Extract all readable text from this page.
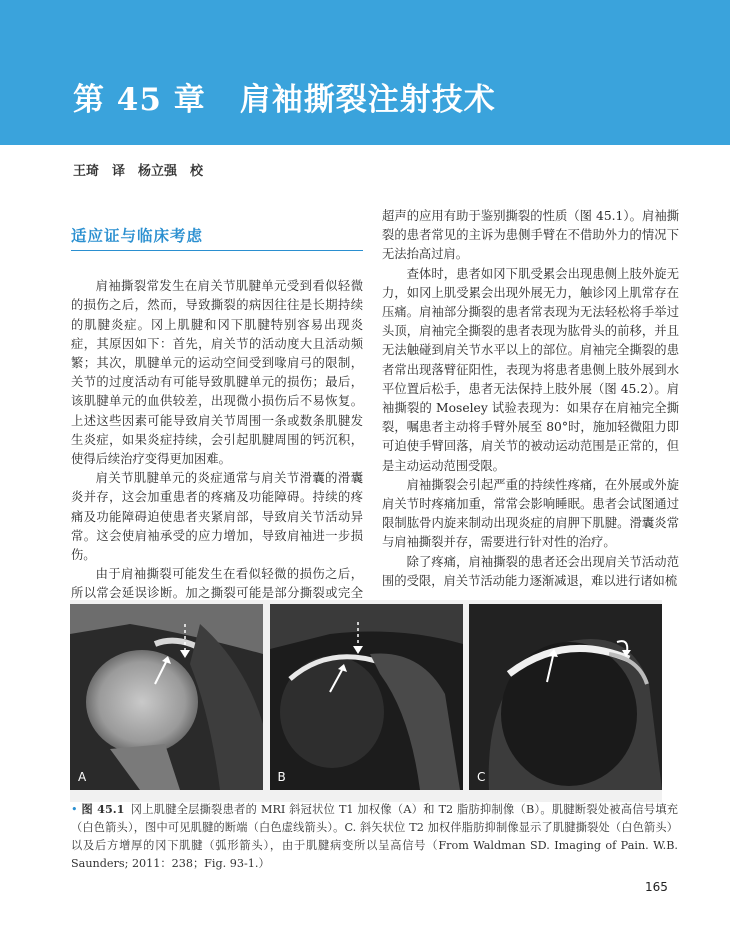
第 45 章 肩袖撕裂注射技术
王琦　译　杨立强　校
适应证与临床考虑

肩袖撕裂常发生在肩关节肌腱单元受到看似轻微的损伤之后，然而，导致撕裂的病因往往是长期持续的肌腱炎症。冈上肌腱和冈下肌腱特别容易出现炎症，其原因如下：首先，肩关节的活动度大且活动频繁；其次，肌腱单元的运动空间受到喙肩弓的限制，关节的过度活动有可能导致肌腱单元的损伤；最后，该肌腱单元的血供较差，出现微小损伤后不易恢复。上述这些因素可能导致肩关节周围一条或数条肌腱发生炎症，如果炎症持续，会引起肌腱周围的钙沉积，使得后续治疗变得更加困难。

肩关节肌腱单元的炎症通常与肩关节滑囊的滑囊炎并存，这会加重患者的疼痛及功能障碍。持续的疼痛及功能障碍迫使患者夹紧肩部，导致肩关节活动异常。这会使肩袖承受的应力增加，导致肩袖进一步损伤。

由于肩袖撕裂可能发生在看似轻微的损伤之后，所以常会延误诊断。加之撕裂可能是部分撕裂或完全

超声的应用有助于鉴别撕裂的性质（图 45.1）。肩袖撕裂的患者常见的主诉为患侧手臂在不借助外力的情况下无法抬高过肩。

查体时，患者如冈下肌受累会出现患侧上肢外旋无力，如冈上肌受累会出现外展无力，触诊冈上肌常存在压痛。肩袖部分撕裂的患者常表现为无法轻松将手举过头顶，肩袖完全撕裂的患者表现为肱骨头的前移，并且无法触碰到肩关节水平以上的部位。肩袖完全撕裂的患者常出现落臂征阳性，表现为将患者患侧上肢外展到水平位置后松手，患者无法保持上肢外展（图 45.2）。肩袖撕裂的 Moseley 试验表现为：如果存在肩袖完全撕裂，嘱患者主动将手臂外展至 80°时，施加轻微阻力即可迫使手臂回落，肩关节的被动运动范围是正常的，但是主动运动范围受限。

肩袖撕裂会引起严重的持续性疼痛，在外展或外旋肩关节时疼痛加重，常常会影响睡眠。患者会试图通过限制肱骨内旋来制动出现炎症的肩胛下肌腱。滑囊炎常与肩袖撕裂并存，需要进行针对性的治疗。

除了疼痛，肩袖撕裂的患者还会出现肩关节活动范围的受限，肩关节活动能力逐渐减退，难以进行诸如梳

A	B	C
• 图 45.1 冈上肌腱全层撕裂患者的 MRI 斜冠状位 T1 加权像（A）和 T2 脂肪抑制像（B）。肌腱断裂处被高信号填充（白色箭头），图中可见肌腱的断端（白色虚线箭头）。C. 斜矢状位 T2 加权伴脂肪抑制像显示了肌腱撕裂处（白色箭头）以及后方增厚的冈下肌腱（弧形箭头），由于肌腱病变所以呈高信号（From Waldman SD. Imaging of Pain. W.B. Saunders; 2011：238；Fig. 93-1.）
165
